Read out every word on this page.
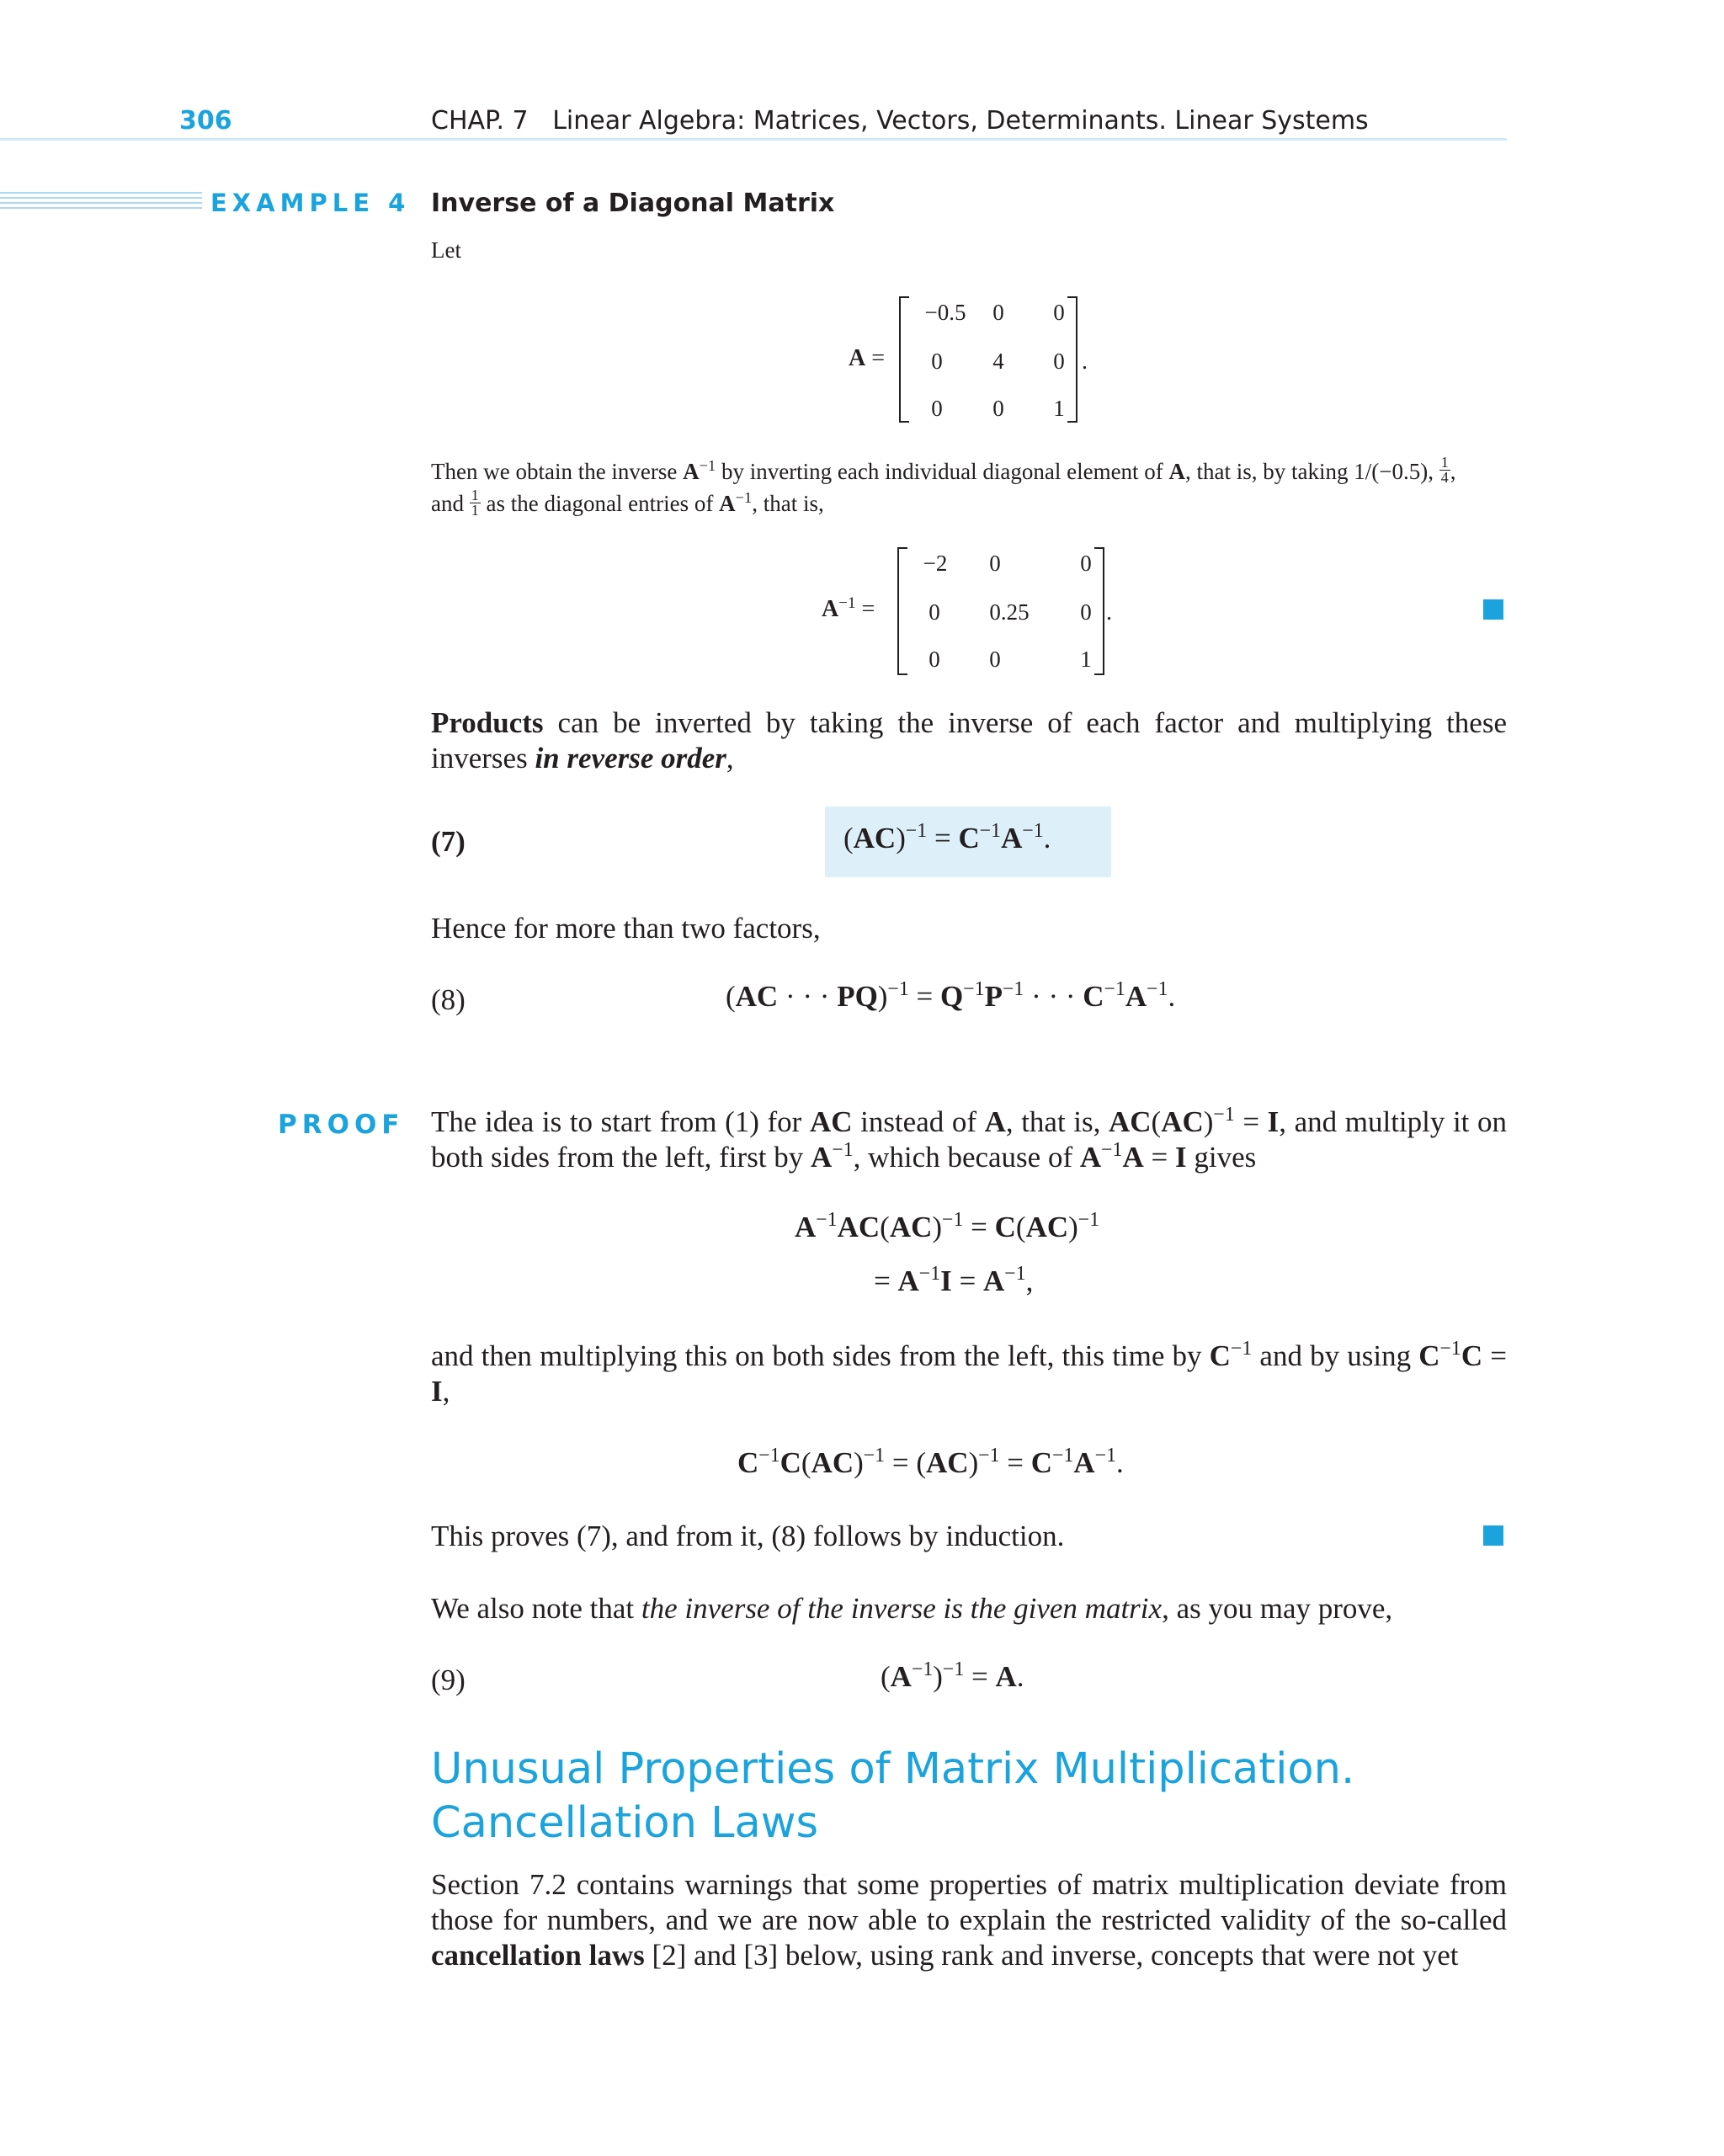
306	CHAP. 7   Linear Algebra: Matrices, Vectors, Determinants. Linear Systems
EXAMPLE 4 Inverse of a Diagonal Matrix
Let
A =
−0.5	0	0
0	4	0
0	0	1
.
Then we obtain the inverse $A^{-1}$ by inverting each individual diagonal element of A, that is, by taking 1/(−0.5), $\frac{1}{4}$ ,
and $\frac{1}{1}$ as the diagonal entries of $A^{-1}$, that is,
$A^{-1}$ =
−2	0	0
0	0.25	0
0	0	1
.
Products can be inverted by taking the inverse of each factor and multiplying these inverses in reverse order,
(7)	$(AC)^{-1} = C^{-1}A^{-1}$.
Hence for more than two factors,
(8)	(AC · · · $PQ)^{-1} = Q^{-1}P^{-1}$ · · · $C^{-1}A^{-1}$.
PROOF The idea is to start from (1) for AC instead of A, that is, AC(AC)$^{-1}$ = I, and multiply it on both sides from the left, first by $A^{-1}$, which because of $A^{-1}A = I$ gives
$A^{-1}AC(AC)^{-1} = C(AC)^{-1}$
= $A^{-1}I = A^{-1}$,
and then multiplying this on both sides from the left, this time by $C^{-1}$ and by using $C^{-1}C = I$,
$C^{-1}C(AC)^{-1} = (AC)^{-1} = C^{-1}A^{-1}$.
This proves (7), and from it, (8) follows by induction.
We also note that the inverse of the inverse is the given matrix, as you may prove,
(9)	$(A^{-1})^{-1} = A$.
Unusual Properties of Matrix Multiplication.
Cancellation Laws
Section 7.2 contains warnings that some properties of matrix multiplication deviate from those for numbers, and we are now able to explain the restricted validity of the so-called cancellation laws [2] and [3] below, using rank and inverse, concepts that were not yet
